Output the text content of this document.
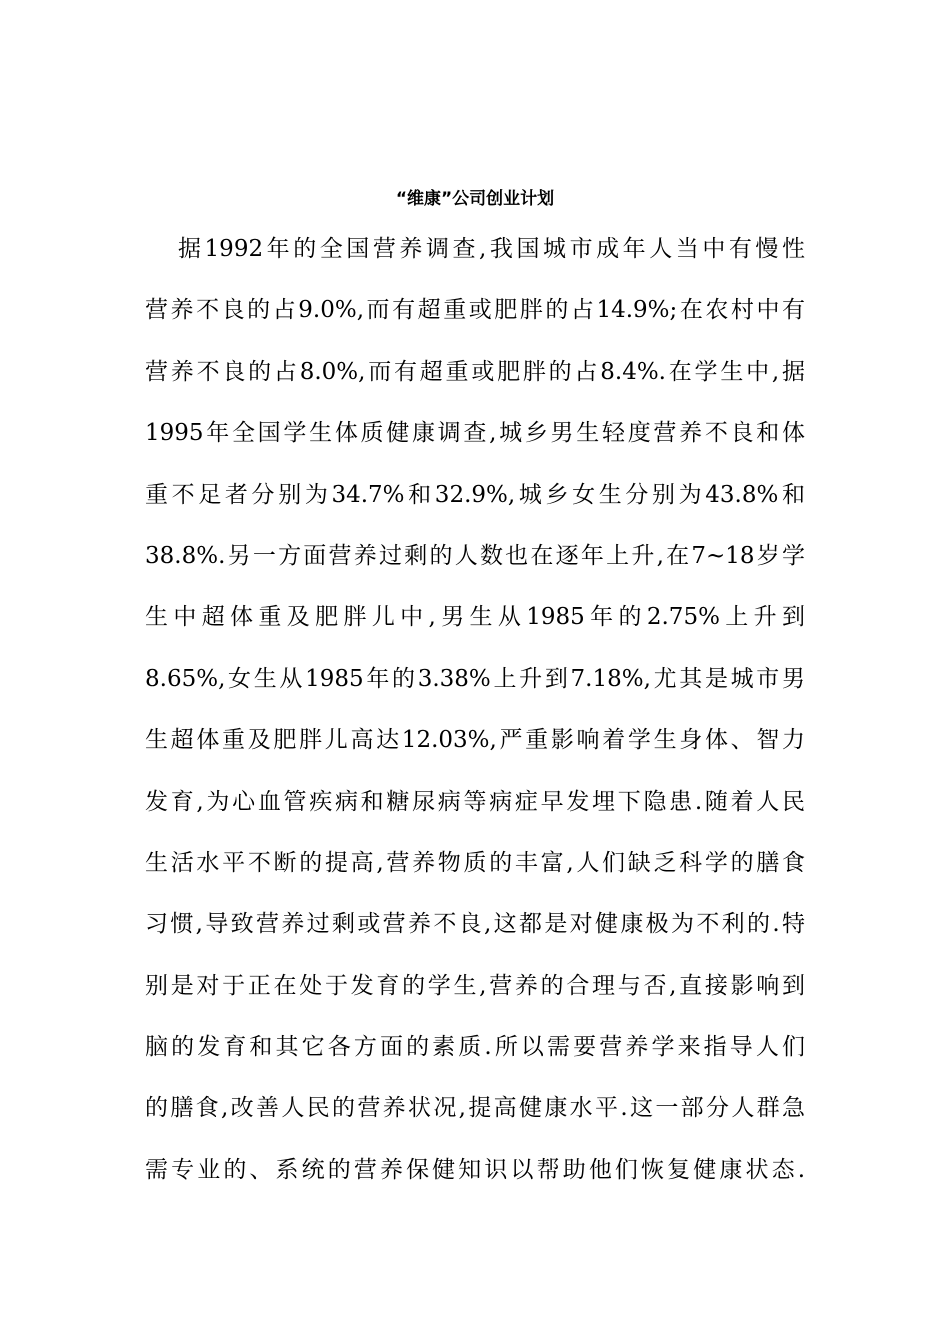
“维康”公司创业计划
据1992年的全国营养调查,我国城市成年人当中有慢性
营养不良的占9.0%,而有超重或肥胖的占14.9%;在农村中有
营养不良的占8.0%,而有超重或肥胖的占8.4%.在学生中,据
1995年全国学生体质健康调查,城乡男生轻度营养不良和体
重不足者分别为34.7%和32.9%,城乡女生分别为43.8%和
38.8%.另一方面营养过剩的人数也在逐年上升,在7~18岁学
生中超体重及肥胖儿中,男生从1985年的2.75%上升到
8.65%,女生从1985年的3.38%上升到7.18%,尤其是城市男
生超体重及肥胖儿高达12.03%,严重影响着学生身体、智力
发育,为心血管疾病和糖尿病等病症早发埋下隐患.随着人民
生活水平不断的提高,营养物质的丰富,人们缺乏科学的膳食
习惯,导致营养过剩或营养不良,这都是对健康极为不利的.特
别是对于正在处于发育的学生,营养的合理与否,直接影响到
脑的发育和其它各方面的素质.所以需要营养学来指导人们
的膳食,改善人民的营养状况,提高健康水平.这一部分人群急
需专业的、系统的营养保健知识以帮助他们恢复健康状态.
